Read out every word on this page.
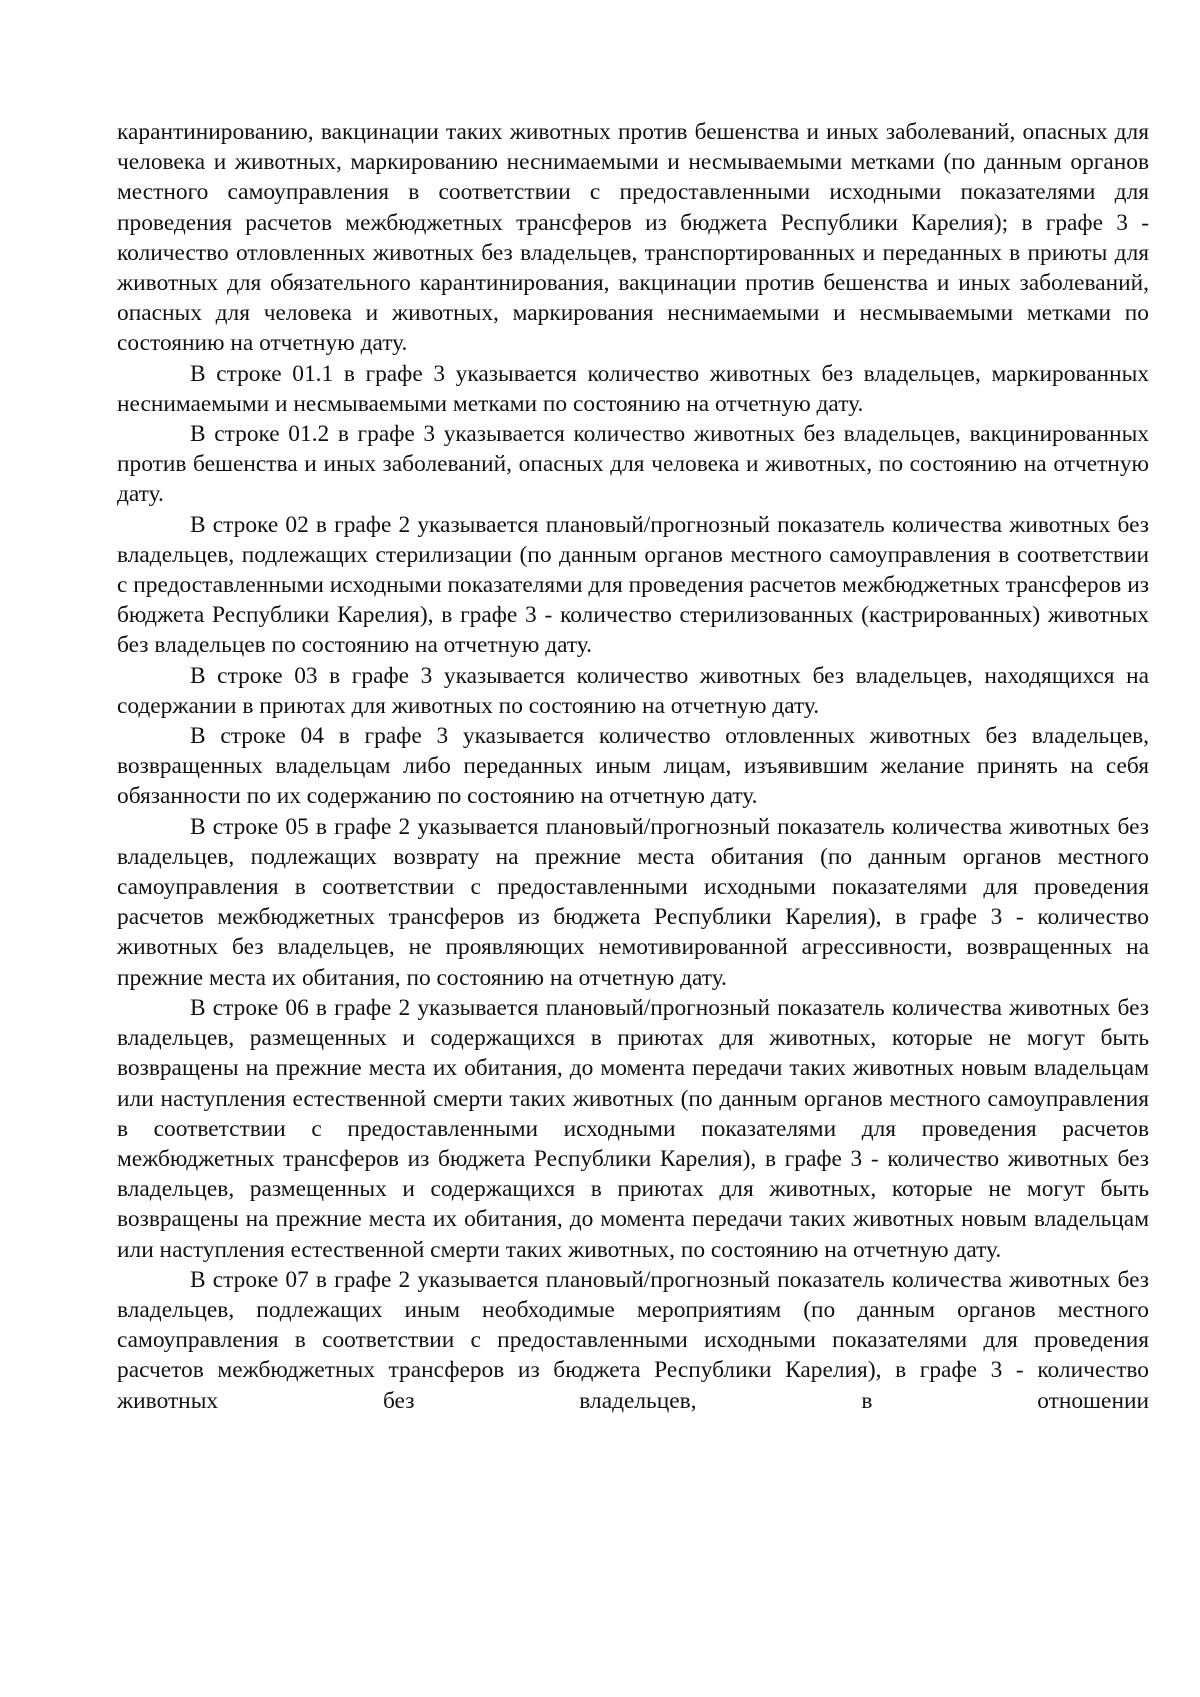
карантинированию, вакцинации таких животных против бешенства и иных заболеваний, опасных для человека и животных, маркированию неснимаемыми и несмываемыми метками (по данным органов местного самоуправления в соответствии с предоставленными исходными показателями для проведения расчетов межбюджетных трансферов из бюджета Республики Карелия); в графе 3 - количество отловленных животных без владельцев, транспортированных и переданных в приюты для животных для обязательного карантинирования, вакцинации против бешенства и иных заболеваний, опасных для человека и животных, маркирования неснимаемыми и несмываемыми метками по состоянию на отчетную дату.

В строке 01.1 в графе 3 указывается количество животных без владельцев, маркированных неснимаемыми и несмываемыми метками по состоянию на отчетную дату.

В строке 01.2 в графе 3 указывается количество животных без владельцев, вакцинированных против бешенства и иных заболеваний, опасных для человека и животных, по состоянию на отчетную дату.

В строке 02 в графе 2 указывается плановый/прогнозный показатель количества животных без владельцев, подлежащих стерилизации (по данным органов местного самоуправления в соответствии с предоставленными исходными показателями для проведения расчетов межбюджетных трансферов из бюджета Республики Карелия), в графе 3 - количество стерилизованных (кастрированных) животных без владельцев по состоянию на отчетную дату.

В строке 03 в графе 3 указывается количество животных без владельцев, находящихся на содержании в приютах для животных по состоянию на отчетную дату.

В строке 04 в графе 3 указывается количество отловленных животных без владельцев, возвращенных владельцам либо переданных иным лицам, изъявившим желание принять на себя обязанности по их содержанию по состоянию на отчетную дату.

В строке 05 в графе 2 указывается плановый/прогнозный показатель количества животных без владельцев, подлежащих возврату на прежние места обитания (по данным органов местного самоуправления в соответствии с предоставленными исходными показателями для проведения расчетов межбюджетных трансферов из бюджета Республики Карелия), в графе 3 - количество животных без владельцев, не проявляющих немотивированной агрессивности, возвращенных на прежние места их обитания, по состоянию на отчетную дату.

В строке 06 в графе 2 указывается плановый/прогнозный показатель количества животных без владельцев, размещенных и содержащихся в приютах для животных, которые не могут быть возвращены на прежние места их обитания, до момента передачи таких животных новым владельцам или наступления естественной смерти таких животных (по данным органов местного самоуправления в соответствии с предоставленными исходными показателями для проведения расчетов межбюджетных трансферов из бюджета Республики Карелия), в графе 3 - количество животных без владельцев, размещенных и содержащихся в приютах для животных, которые не могут быть возвращены на прежние места их обитания, до момента передачи таких животных новым владельцам или наступления естественной смерти таких животных, по состоянию на отчетную дату.

В строке 07 в графе 2 указывается плановый/прогнозный показатель количества животных без владельцев, подлежащих иным необходимые мероприятиям (по данным органов местного самоуправления в соответствии с предоставленными исходными показателями для проведения расчетов межбюджетных трансферов из бюджета Республики Карелия), в графе 3 - количество животных без владельцев, в отношении
